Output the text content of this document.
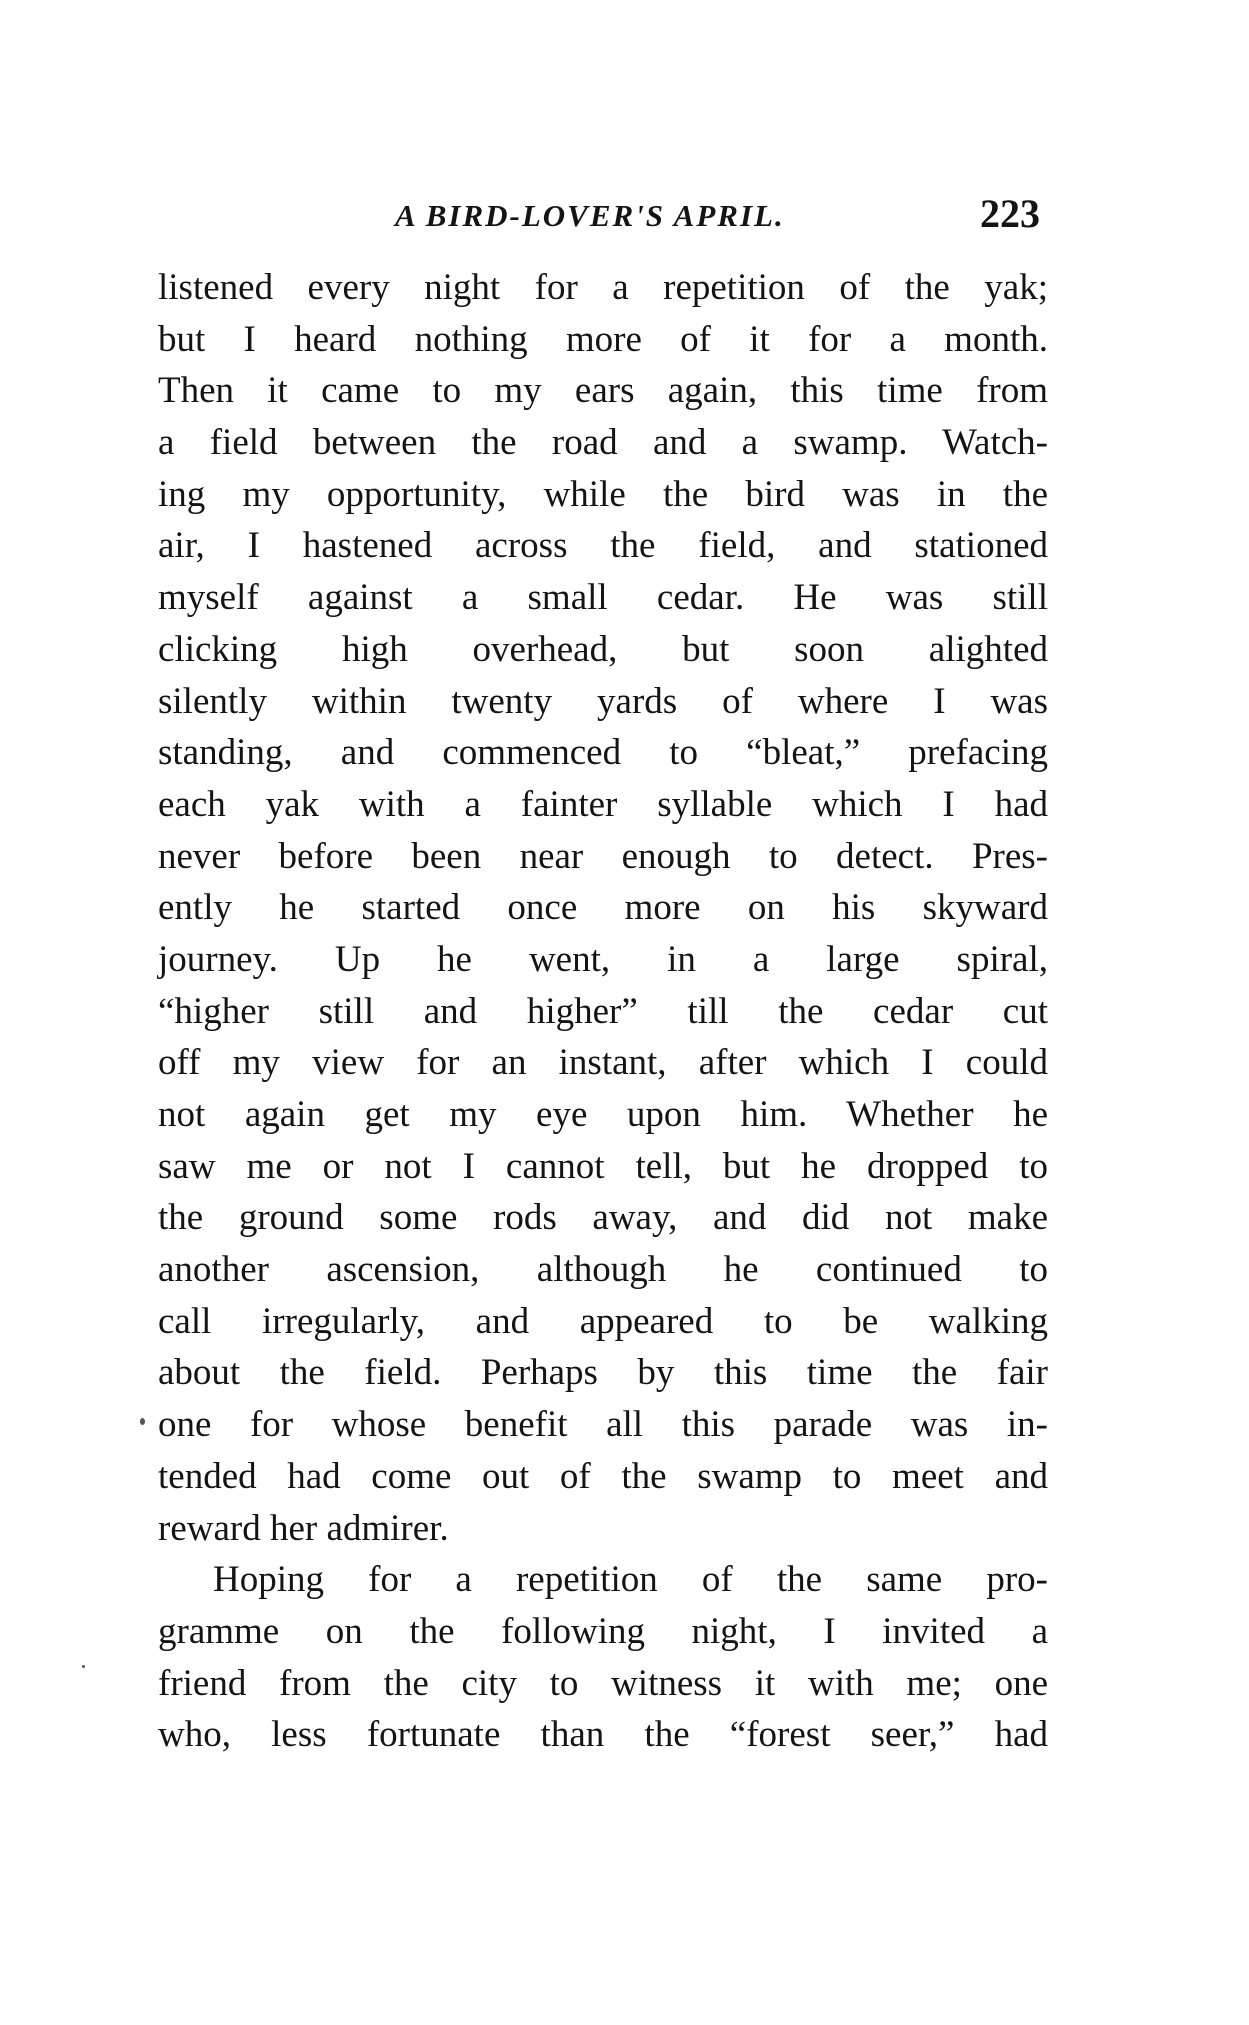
A BIRD-LOVER'S APRIL.	223
listened every night for a repetition of the yak;
but I heard nothing more of it for a month.
Then it came to my ears again, this time from
a field between the road and a swamp. Watch-
ing my opportunity, while the bird was in the
air, I hastened across the field, and stationed
myself against a small cedar. He was still
clicking high overhead, but soon alighted
silently within twenty yards of where I was
standing, and commenced to “bleat,” prefacing
each yak with a fainter syllable which I had
never before been near enough to detect. Pres-
ently he started once more on his skyward
journey. Up he went, in a large spiral,
“higher still and higher” till the cedar cut
off my view for an instant, after which I could
not again get my eye upon him. Whether he
saw me or not I cannot tell, but he dropped to
the ground some rods away, and did not make
another ascension, although he continued to
call irregularly, and appeared to be walking
about the field. Perhaps by this time the fair
one for whose benefit all this parade was in-
tended had come out of the swamp to meet and
reward her admirer.
Hoping for a repetition of the same pro-
gramme on the following night, I invited a
friend from the city to witness it with me; one
who, less fortunate than the “forest seer,” had
